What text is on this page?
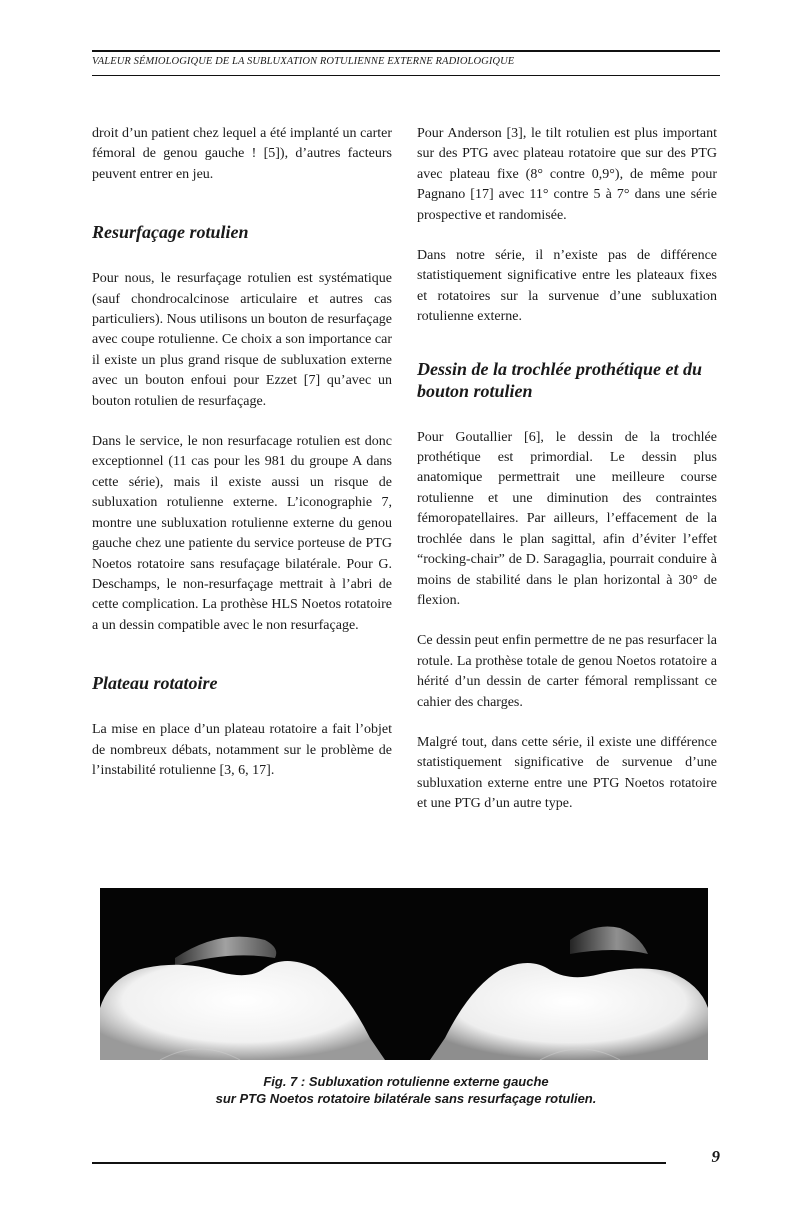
VALEUR SÉMIOLOGIQUE DE LA SUBLUXATION ROTULIENNE EXTERNE RADIOLOGIQUE

droit d’un patient chez lequel a été implanté un carter fémoral de genou gauche ! [5]), d’autres facteurs peuvent entrer en jeu.

Resurfaçage rotulien

Pour nous, le resurfaçage rotulien est systématique (sauf chondrocalcinose articulaire et autres cas particuliers). Nous utilisons un bouton de resurfaçage avec coupe rotulienne. Ce choix a son importance car il existe un plus grand risque de subluxation externe avec un bouton enfoui pour Ezzet [7] qu’avec un bouton rotulien de resurfaçage.

Dans le service, le non resurfacage rotulien est donc exceptionnel (11 cas pour les 981 du groupe A dans cette série), mais il existe aussi un risque de subluxation rotulienne externe. L’iconographie 7, montre une subluxation rotulienne externe du genou gauche chez une patiente du service porteuse de PTG Noetos rotatoire sans resufaçage bilatérale. Pour G. Deschamps, le non-resurfaçage mettrait à l’abri de cette complication. La prothèse HLS Noetos rotatoire a un dessin compatible avec le non resurfaçage.

Plateau rotatoire

La mise en place d’un plateau rotatoire a fait l’objet de nombreux débats, notamment sur le problème de l’instabilité rotulienne [3, 6, 17].

Pour Anderson [3], le tilt rotulien est plus important sur des PTG avec plateau rotatoire que sur des PTG avec plateau fixe (8° contre 0,9°), de même pour Pagnano [17] avec 11° contre 5 à 7° dans une série prospective et randomisée.

Dans notre série, il n’existe pas de différence statistiquement significative entre les plateaux fixes et rotatoires sur la survenue d’une subluxation rotulienne externe.

Dessin de la trochlée prothétique et du bouton rotulien

Pour Goutallier [6], le dessin de la trochlée prothétique est primordial. Le dessin plus anatomique permettrait une meilleure course rotulienne et une diminution des contraintes fémoropatellaires. Par ailleurs, l’effacement de la trochlée dans le plan sagittal, afin d’éviter l’effet “rocking-chair” de D. Saragaglia, pourrait conduire à moins de stabilité dans le plan horizontal à 30° de flexion.

Ce dessin peut enfin permettre de ne pas resurfacer la rotule. La prothèse totale de genou Noetos rotatoire a hérité d’un dessin de carter fémoral remplissant ce cahier des charges.

Malgré tout, dans cette série, il existe une différence statistiquement significative de survenue d’une subluxation externe entre une PTG Noetos rotatoire et une PTG d’un autre type.

Fig. 7 : Subluxation rotulienne externe gauche
sur PTG Noetos rotatoire bilatérale sans resurfaçage rotulien.
9
